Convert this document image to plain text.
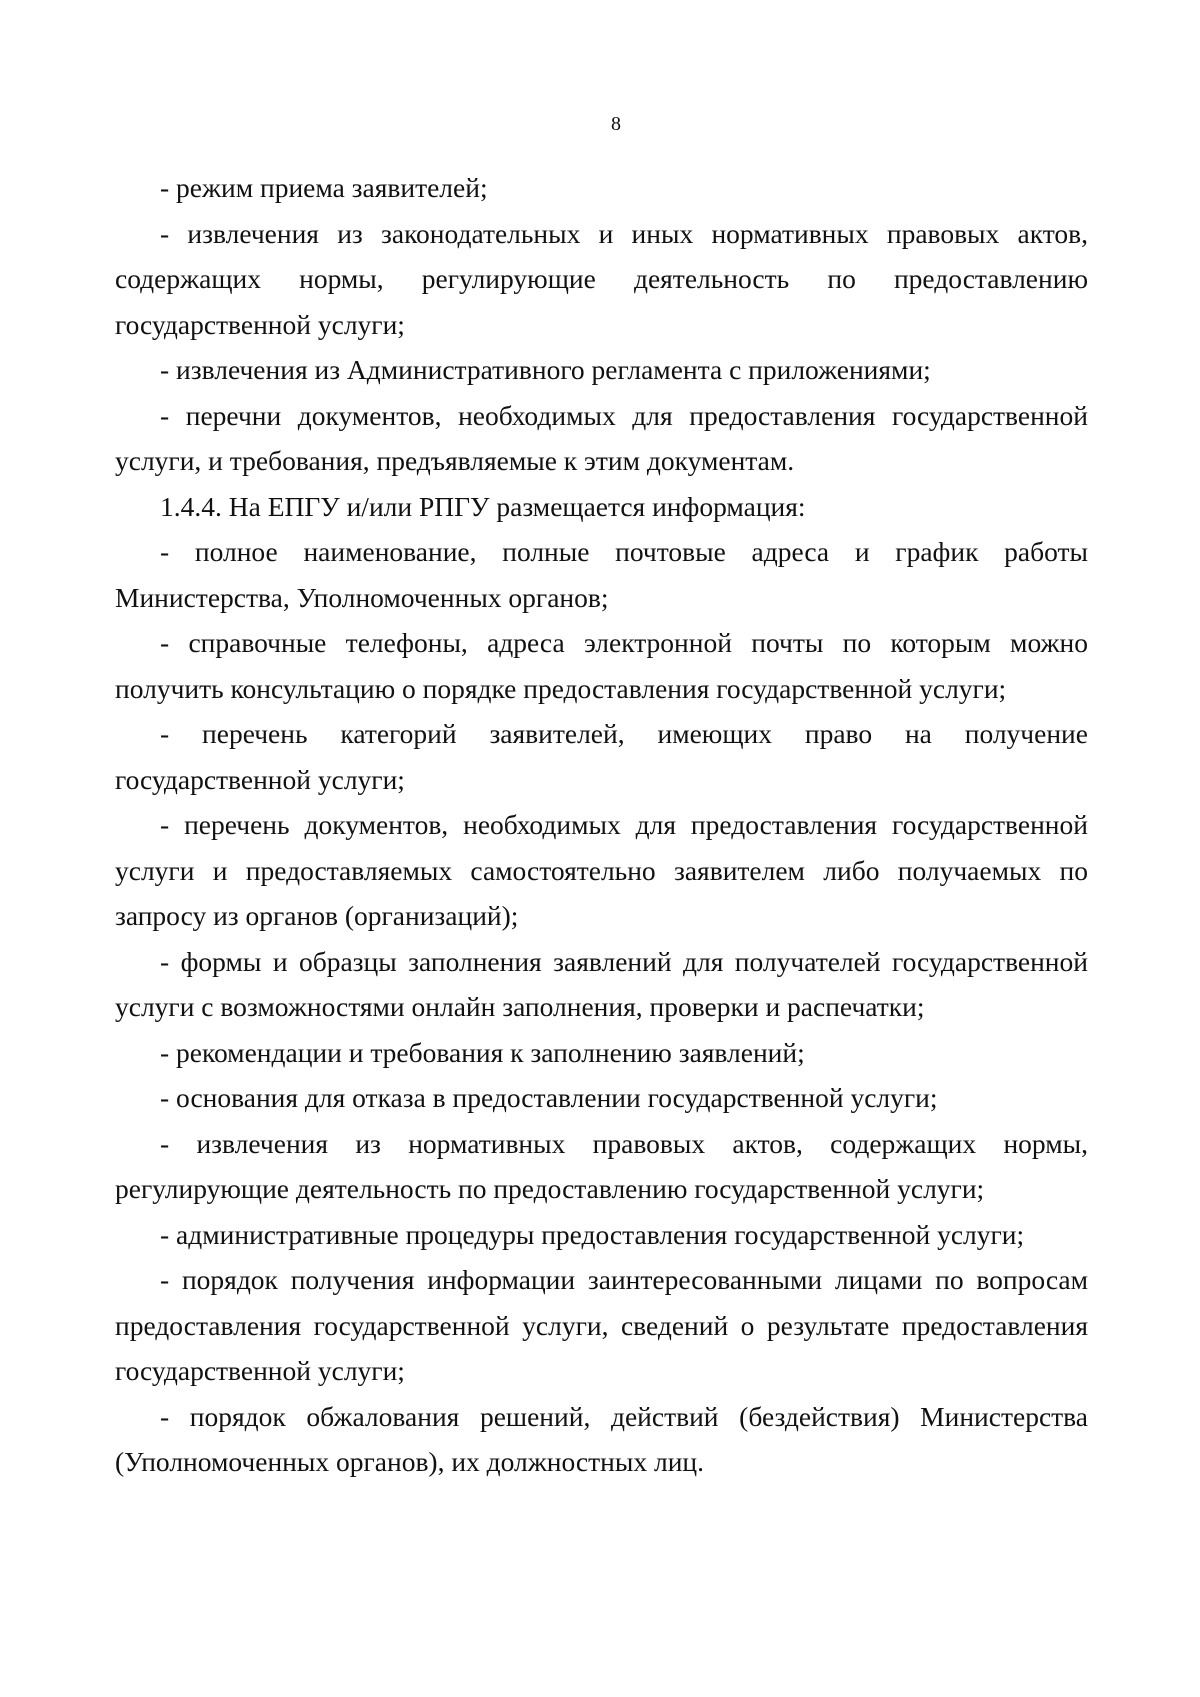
8

- режим приема заявителей;

- извлечения из законодательных и иных нормативных правовых актов, содержащих нормы, регулирующие деятельность по предоставлению государственной услуги;

- извлечения из Административного регламента с приложениями;

- перечни документов, необходимых для предоставления государственной услуги, и требования, предъявляемые к этим документам.

1.4.4. На ЕПГУ и/или РПГУ размещается информация:

- полное наименование, полные почтовые адреса и график работы Министерства, Уполномоченных органов;

- справочные телефоны, адреса электронной почты по которым можно получить консультацию о порядке предоставления государственной услуги;

- перечень категорий заявителей, имеющих право на получение государственной услуги;

- перечень документов, необходимых для предоставления государственной услуги и предоставляемых самостоятельно заявителем либо получаемых по запросу из органов (организаций);

- формы и образцы заполнения заявлений для получателей государственной услуги с возможностями онлайн заполнения, проверки и распечатки;

- рекомендации и требования к заполнению заявлений;

- основания для отказа в предоставлении государственной услуги;

- извлечения из нормативных правовых актов, содержащих нормы, регулирующие деятельность по предоставлению государственной услуги;

- административные процедуры предоставления государственной услуги;

- порядок получения информации заинтересованными лицами по вопросам предоставления государственной услуги, сведений о результате предоставления государственной услуги;

- порядок обжалования решений, действий (бездействия) Министерства (Уполномоченных органов), их должностных лиц.
